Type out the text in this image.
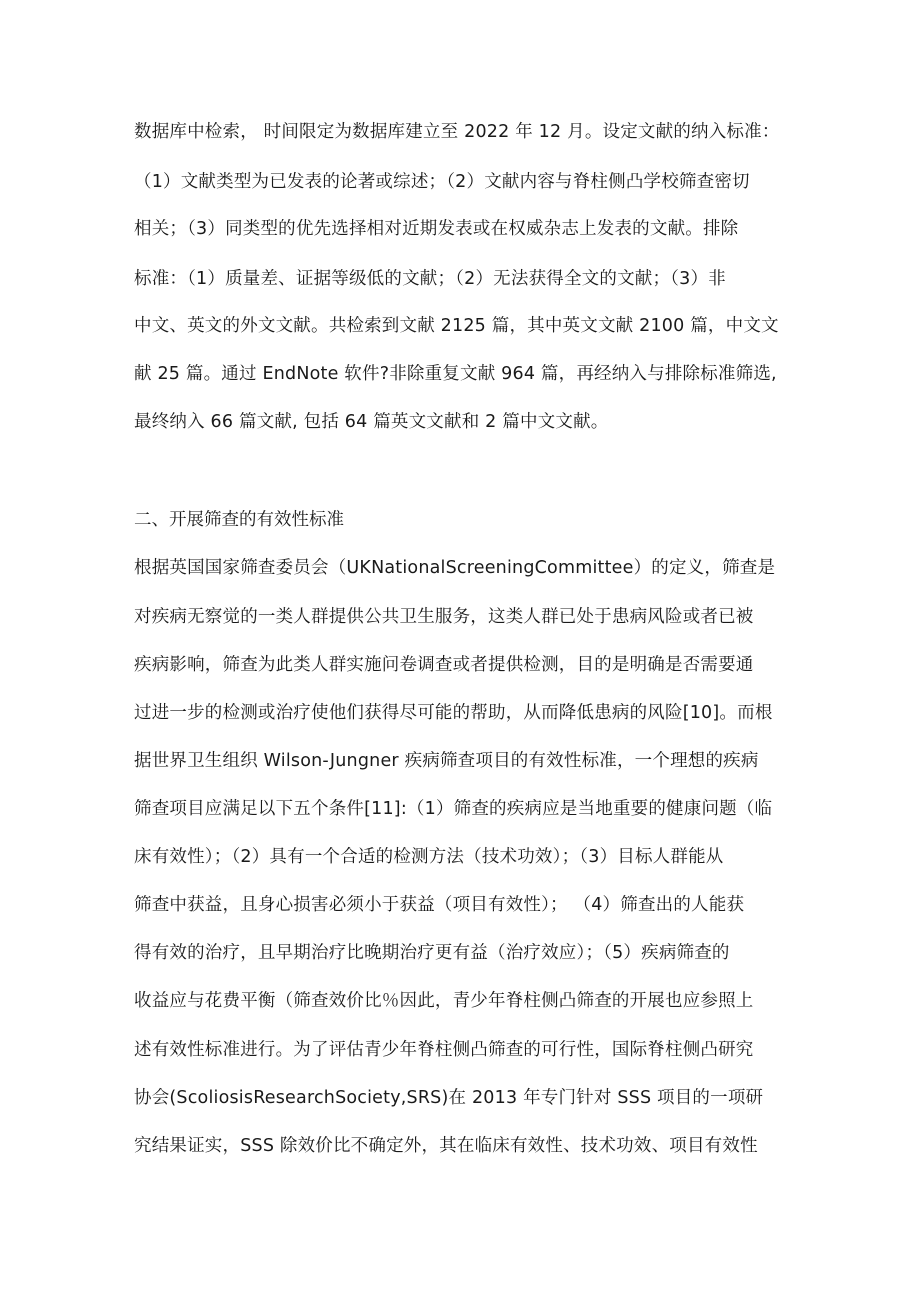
数据库中检索， 时间限定为数据库建立至 2022 年 12 月。设定文献的纳入标准：
（1）文献类型为已发表的论著或综述；（2）文献内容与脊柱侧凸学校筛查密切
相关；（3）同类型的优先选择相对近期发表或在权威杂志上发表的文献。排除
标准：（1）质量差、证据等级低的文献；（2）无法获得全文的文献；（3）非
中文、英文的外文文献。共检索到文献 2125 篇，其中英文文献 2100 篇，中文文
献 25 篇。通过 EndNote 软件?非除重复文献 964 篇，再经纳入与排除标准筛选,
最终纳入 66 篇文献, 包括 64 篇英文文献和 2 篇中文文献。
二、开展筛查的有效性标准
根据英国国家筛查委员会（UKNationalScreeningCommittee）的定义，筛查是
对疾病无察觉的一类人群提供公共卫生服务，这类人群已处于患病风险或者已被
疾病影响，筛查为此类人群实施问卷调查或者提供检测，目的是明确是否需要通
过进一步的检测或治疗使他们获得尽可能的帮助，从而降低患病的风险[10]。而根
据世界卫生组织 Wilson-Jungner 疾病筛查项目的有效性标准，一个理想的疾病
筛查项目应满足以下五个条件[11]:（1）筛查的疾病应是当地重要的健康问题（临
床有效性）；（2）具有一个合适的检测方法（技术功效）；（3）目标人群能从
筛查中获益，且身心损害必须小于获益（项目有效性）； （4）筛查出的人能获
得有效的治疗，且早期治疗比晚期治疗更有益（治疗效应）；（5）疾病筛查的
收益应与花费平衡（筛查效价比％因此，青少年脊柱侧凸筛查的开展也应参照上
述有效性标准进行。为了评估青少年脊柱侧凸筛查的可行性，国际脊柱侧凸研究
协会(ScoliosisResearchSociety,SRS)在 2013 年专门针对 SSS 项目的一项研
究结果证实，SSS 除效价比不确定外，其在临床有效性、技术功效、项目有效性
